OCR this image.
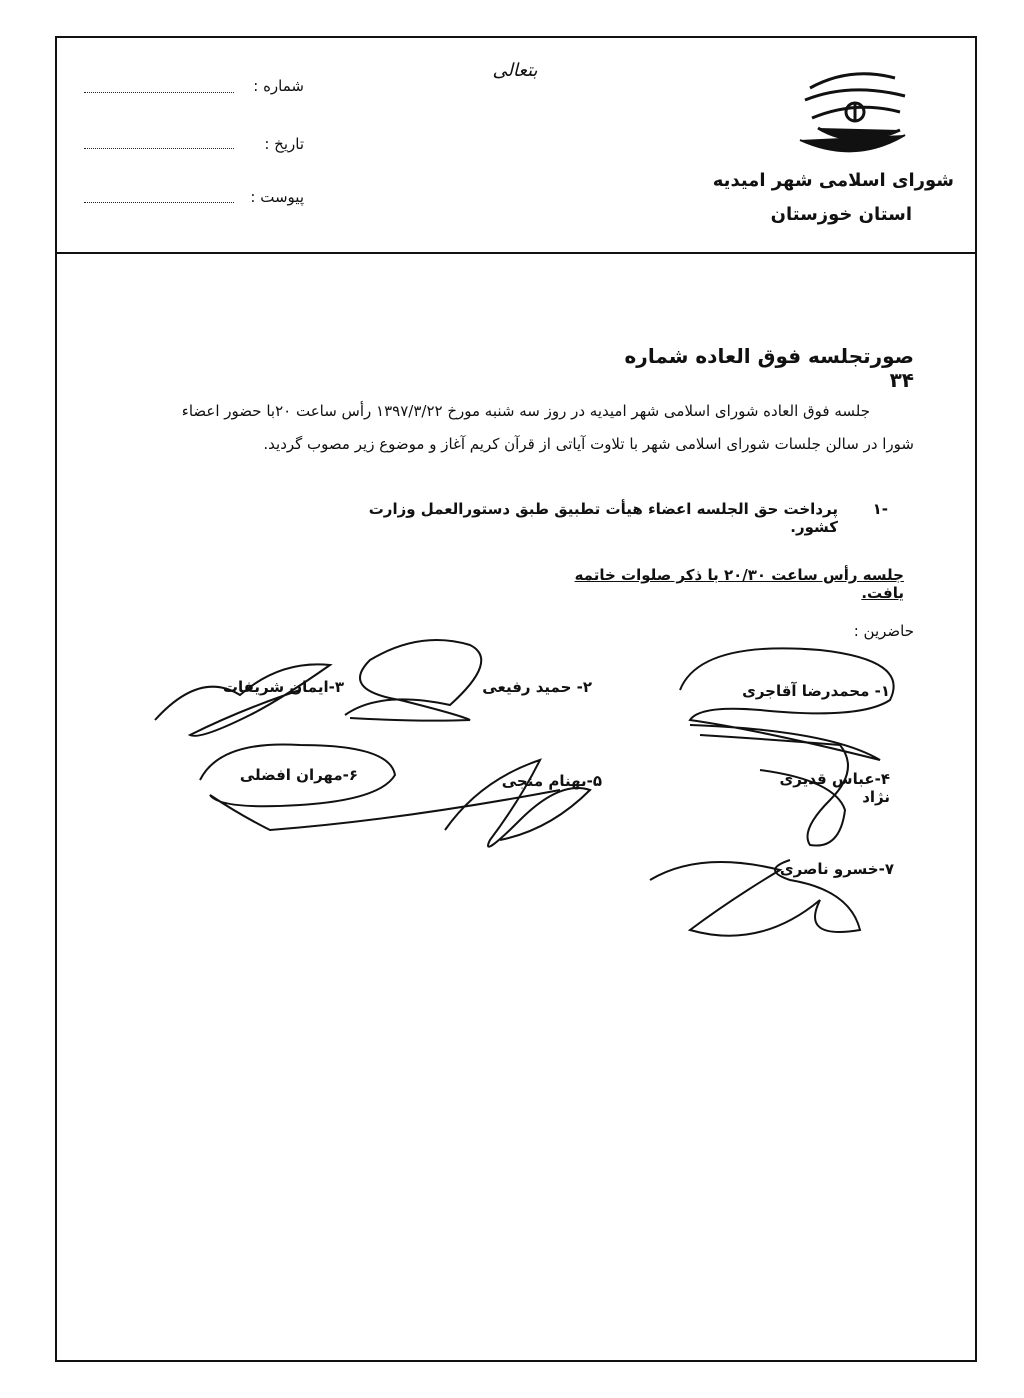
شماره :
تاریخ :
پیوست :
بتعالی
شورای اسلامی شهر امیدیه
استان خوزستان
صورتجلسه فوق العاده شماره ۳۴
جلسه فوق العاده شورای اسلامی شهر امیدیه در روز سه شنبه مورخ ۱۳۹۷/۳/۲۲ رأس ساعت ۲۰با حضور اعضاء
شورا در سالن جلسات شورای اسلامی شهر با تلاوت آیاتی از قرآن کریم آغاز و موضوع زیر مصوب گردید.
۱-
پرداخت حق الجلسه اعضاء هیأت تطبیق طبق دستورالعمل وزارت کشور.
جلسه رأس ساعت ۲۰/۳۰ با ذکر صلوات خاتمه یافت.
حاضرین :
۱- محمدرضا آقاجری
۲- حمید رفیعی
۳-ایمان شریفات
۴-عباس قدیری نژاد
۵-بهنام منجی
۶-مهران افضلی
۷-خسرو ناصری
